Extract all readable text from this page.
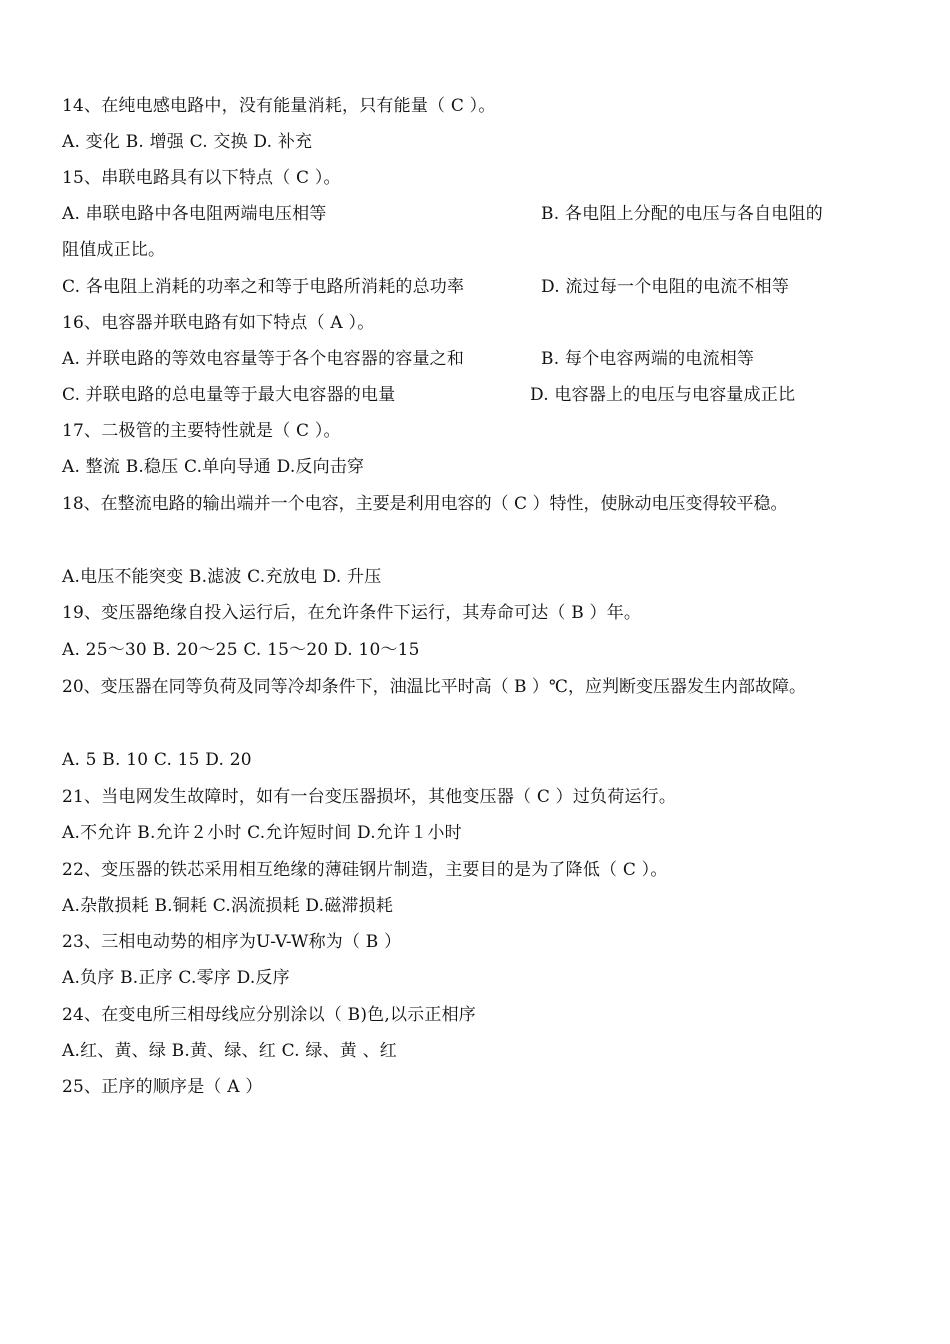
14、在纯电感电路中，没有能量消耗，只有能量（ C ）。
A. 变化 B. 增强 C. 交换 D. 补充
15、串联电路具有以下特点（ C ）。
A. 串联电路中各电阻两端电压相等	B. 各电阻上分配的电压与各自电阻的
阻值成正比。
C. 各电阻上消耗的功率之和等于电路所消耗的总功率	D. 流过每一个电阻的电流不相等
16、电容器并联电路有如下特点（ A ）。
A. 并联电路的等效电容量等于各个电容器的容量之和	B. 每个电容两端的电流相等
C. 并联电路的总电量等于最大电容器的电量	D. 电容器上的电压与电容量成正比
17、二极管的主要特性就是（ C ）。
A. 整流 B.稳压 C.单向导通 D.反向击穿
18、在整流电路的输出端并一个电容，主要是利用电容的（ C ）特性，使脉动电压变得较平稳。
A.电压不能突变 B.滤波 C.充放电 D. 升压
19、变压器绝缘自投入运行后，在允许条件下运行，其寿命可达（ B ）年。
A. 25～30 B. 20～25 C. 15～20 D. 10～15
20、变压器在同等负荷及同等冷却条件下，油温比平时高（ B ）℃，应判断变压器发生内部故障。
A. 5 B. 10 C. 15 D. 20
21、当电网发生故障时，如有一台变压器损坏，其他变压器（ C ）过负荷运行。
A.不允许 B.允许２小时 C.允许短时间 D.允许１小时
22、变压器的铁芯采用相互绝缘的薄硅钢片制造，主要目的是为了降低（ C ）。
A.杂散损耗 B.铜耗 C.涡流损耗 D.磁滞损耗
23、三相电动势的相序为U-V-W称为（ B ）
A.负序 B.正序 C.零序 D.反序
24、在变电所三相母线应分别涂以（ B)色,以示正相序
A.红、黄、绿 B.黄、绿、红 C. 绿、黄 、红
25、正序的顺序是（ A ）
